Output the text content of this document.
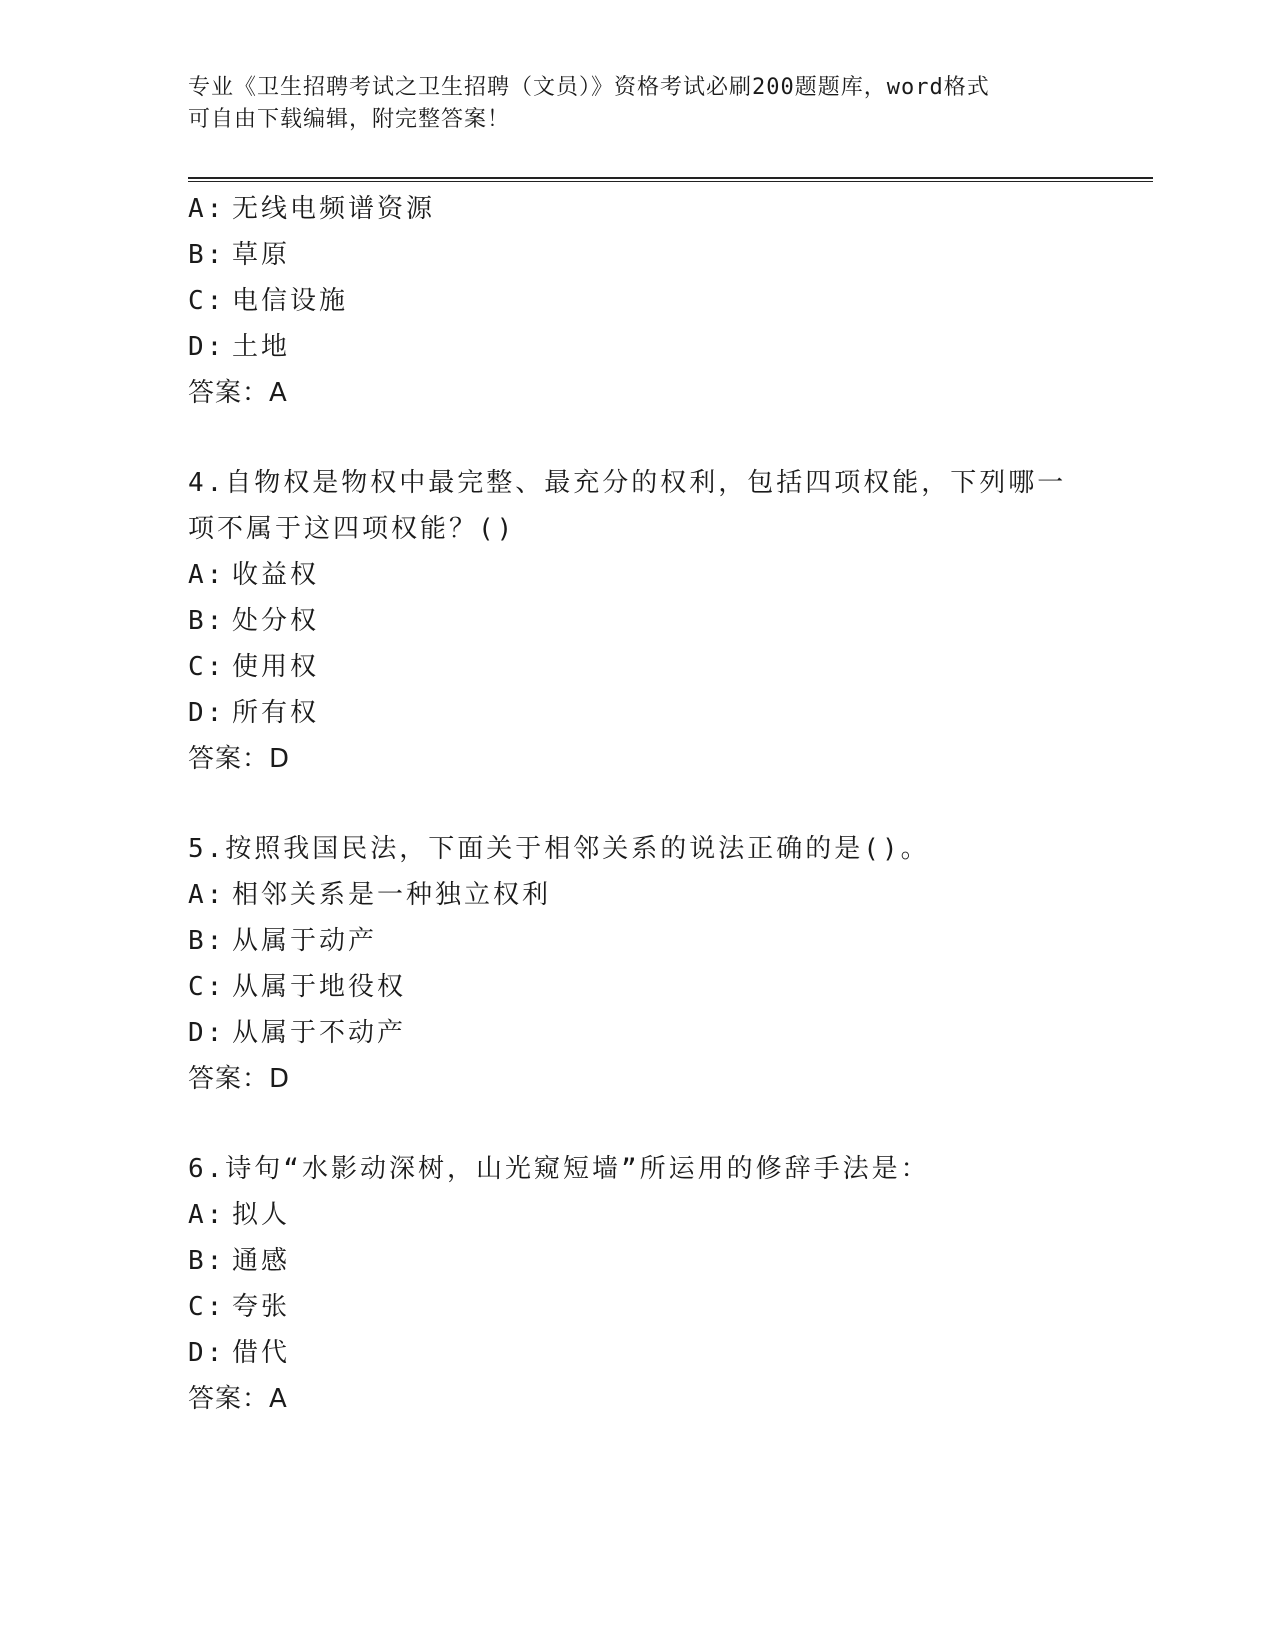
专业《卫生招聘考试之卫生招聘（文员）》资格考试必刷200题题库，word格式
可自由下载编辑，附完整答案！
A: 无线电频谱资源
B: 草原
C: 电信设施
D: 土地
答案：A
4.自物权是物权中最完整、最充分的权利，包括四项权能，下列哪一
项不属于这四项权能？()
A: 收益权
B: 处分权
C: 使用权
D: 所有权
答案：D
5.按照我国民法，下面关于相邻关系的说法正确的是()。
A: 相邻关系是一种独立权利
B: 从属于动产
C: 从属于地役权
D: 从属于不动产
答案：D
6.诗句“水影动深树，山光窥短墙”所运用的修辞手法是：
A: 拟人
B: 通感
C: 夸张
D: 借代
答案：A
